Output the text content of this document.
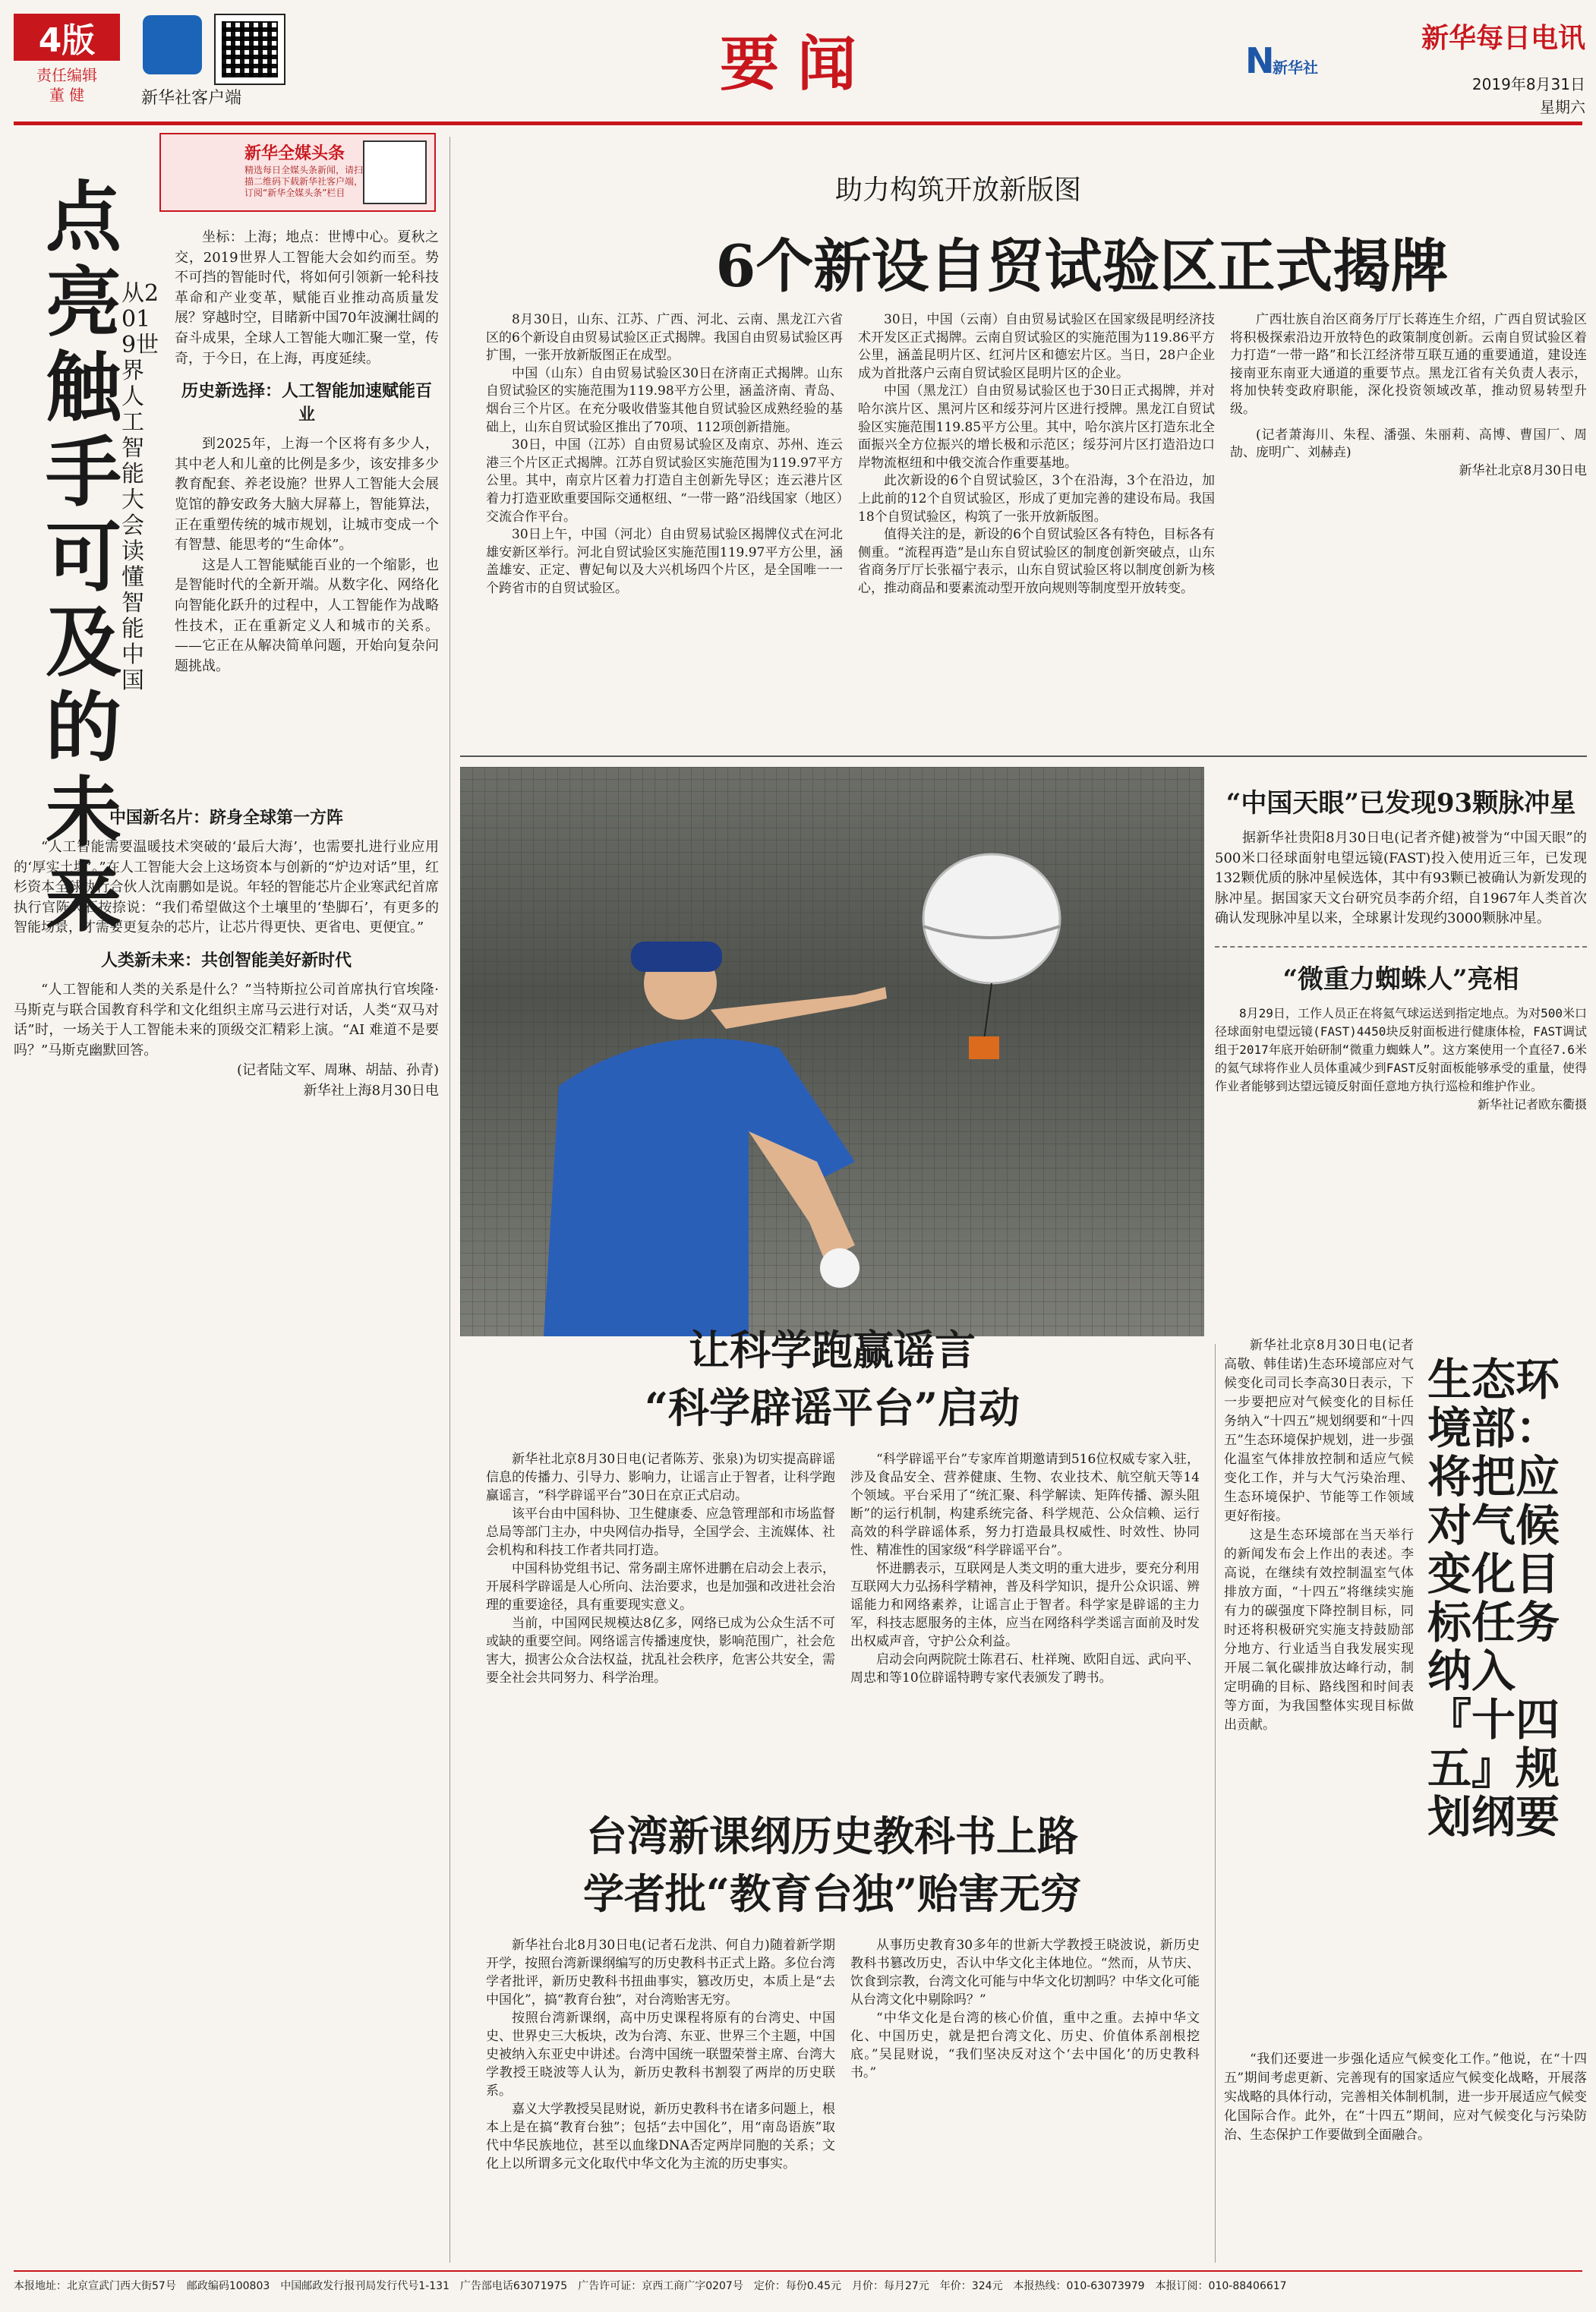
4版
责任编辑
董 健	新华社客户端	要闻	N
新华社
新华每日电讯
2019年8月31日
星期六
新华全媒头条
精选每日全媒头条新闻，请扫描二维码下载新华社客户端，订阅“新华全媒头条”栏目
点亮触手可及的未来
从2019世界人工智能大会读懂智能中国

坐标：上海；地点：世博中心。夏秋之交，2019世界人工智能大会如约而至。势不可挡的智能时代，将如何引领新一轮科技革命和产业变革，赋能百业推动高质量发展？穿越时空，目睹新中国70年波澜壮阔的奋斗成果，全球人工智能大咖汇聚一堂，传奇，于今日，在上海，再度延续。

历史新选择：人工智能加速赋能百业

到2025年，上海一个区将有多少人，其中老人和儿童的比例是多少，该安排多少教育配套、养老设施？世界人工智能大会展览馆的静安政务大脑大屏幕上，智能算法，正在重塑传统的城市规划，让城市变成一个有智慧、能思考的“生命体”。

这是人工智能赋能百业的一个缩影，也是智能时代的全新开端。从数字化、网络化向智能化跃升的过程中，人工智能作为战略性技术，正在重新定义人和城市的关系。——它正在从解决简单问题，开始向复杂问题挑战。

中国新名片：跻身全球第一方阵

“人工智能需要温暖技术突破的‘最后大海’，也需要扎进行业应用的‘厚实土壤’。”在人工智能大会上这场资本与创新的“炉边对话”里，红杉资本全球执行合伙人沈南鹏如是说。年轻的智能芯片企业寒武纪首席执行官陈天石按捺说：“我们希望做这个土壤里的‘垫脚石’，有更多的智能场景，才需要更复杂的芯片，让芯片得更快、更省电、更便宜。”

人类新未来：共创智能美好新时代

“人工智能和人类的关系是什么？”当特斯拉公司首席执行官埃隆·马斯克与联合国教育科学和文化组织主席马云进行对话，人类“双马对话”时，一场关于人工智能未来的顶级交汇精彩上演。“AI 难道不是要吗？”马斯克幽默回答。

(记者陆文军、周琳、胡喆、孙青)

新华社上海8月30日电

助力构筑开放新版图
6个新设自贸试验区正式揭牌

8月30日，山东、江苏、广西、河北、云南、黑龙江六省区的6个新设自由贸易试验区正式揭牌。我国自由贸易试验区再扩围，一张开放新版图正在成型。

中国（山东）自由贸易试验区30日在济南正式揭牌。山东自贸试验区的实施范围为119.98平方公里，涵盖济南、青岛、烟台三个片区。在充分吸收借鉴其他自贸试验区成熟经验的基础上，山东自贸试验区推出了70项、112项创新措施。

30日，中国（江苏）自由贸易试验区及南京、苏州、连云港三个片区正式揭牌。江苏自贸试验区实施范围为119.97平方公里。其中，南京片区着力打造自主创新先导区；连云港片区着力打造亚欧重要国际交通枢纽、“一带一路”沿线国家（地区）交流合作平台。

30日上午，中国（河北）自由贸易试验区揭牌仪式在河北雄安新区举行。河北自贸试验区实施范围119.97平方公里，涵盖雄安、正定、曹妃甸以及大兴机场四个片区，是全国唯一一个跨省市的自贸试验区。

30日，中国（云南）自由贸易试验区在国家级昆明经济技术开发区正式揭牌。云南自贸试验区的实施范围为119.86平方公里，涵盖昆明片区、红河片区和德宏片区。当日，28户企业成为首批落户云南自贸试验区昆明片区的企业。

中国（黑龙江）自由贸易试验区也于30日正式揭牌，并对哈尔滨片区、黑河片区和绥芬河片区进行授牌。黑龙江自贸试验区实施范围119.85平方公里。其中，哈尔滨片区打造东北全面振兴全方位振兴的增长极和示范区；绥芬河片区打造沿边口岸物流枢纽和中俄交流合作重要基地。

此次新设的6个自贸试验区，3个在沿海，3个在沿边，加上此前的12个自贸试验区，形成了更加完善的建设布局。我国18个自贸试验区，构筑了一张开放新版图。

值得关注的是，新设的6个自贸试验区各有特色，目标各有侧重。“流程再造”是山东自贸试验区的制度创新突破点，山东省商务厅厅长张福宁表示，山东自贸试验区将以制度创新为核心，推动商品和要素流动型开放向规则等制度型开放转变。

广西壮族自治区商务厅厅长蒋连生介绍，广西自贸试验区将积极探索沿边开放特色的政策制度创新。云南自贸试验区着力打造“一带一路”和长江经济带互联互通的重要通道，建设连接南亚东南亚大通道的重要节点。黑龙江省有关负责人表示，将加快转变政府职能，深化投资领域改革，推动贸易转型升级。

(记者萧海川、朱程、潘强、朱丽莉、高博、曹国厂、周劼、庞明广、刘赫垚)

新华社北京8月30日电

“中国天眼”已发现93颗脉冲星

据新华社贵阳8月30日电(记者齐健)被誉为“中国天眼”的500米口径球面射电望远镜(FAST)投入使用近三年，已发现132颗优质的脉冲星候选体，其中有93颗已被确认为新发现的脉冲星。据国家天文台研究员李菂介绍，自1967年人类首次确认发现脉冲星以来，全球累计发现约3000颗脉冲星。

“微重力蜘蛛人”亮相

8月29日，工作人员正在将氦气球运送到指定地点。为对500米口径球面射电望远镜(FAST)4450块反射面板进行健康体检，FAST调试组于2017年底开始研制“微重力蜘蛛人”。这方案使用一个直径7.6米的氦气球将作业人员体重减少到FAST反射面板能够承受的重量，使得作业者能够到达望远镜反射面任意地方执行巡检和维护作业。

新华社记者欧东衢摄

让科学跑赢谣言
“科学辟谣平台”启动

新华社北京8月30日电(记者陈芳、张泉)为切实提高辟谣信息的传播力、引导力、影响力，让谣言止于智者，让科学跑赢谣言，“科学辟谣平台”30日在京正式启动。

该平台由中国科协、卫生健康委、应急管理部和市场监督总局等部门主办，中央网信办指导，全国学会、主流媒体、社会机构和科技工作者共同打造。

中国科协党组书记、常务副主席怀进鹏在启动会上表示，开展科学辟谣是人心所向、法治要求，也是加强和改进社会治理的重要途径，具有重要现实意义。

当前，中国网民规模达8亿多，网络已成为公众生活不可或缺的重要空间。网络谣言传播速度快，影响范围广，社会危害大，损害公众合法权益，扰乱社会秩序，危害公共安全，需要全社会共同努力、科学治理。

“科学辟谣平台”专家库首期邀请到516位权威专家入驻，涉及食品安全、营养健康、生物、农业技术、航空航天等14个领域。平台采用了“统汇聚、科学解读、矩阵传播、源头阻断”的运行机制，构建系统完备、科学规范、公众信赖、运行高效的科学辟谣体系，努力打造最具权威性、时效性、协同性、精准性的国家级“科学辟谣平台”。

怀进鹏表示，互联网是人类文明的重大进步，要充分利用互联网大力弘扬科学精神，普及科学知识，提升公众识谣、辨谣能力和网络素养，让谣言止于智者。科学家是辟谣的主力军，科技志愿服务的主体，应当在网络科学类谣言面前及时发出权威声音，守护公众利益。

启动会向两院院士陈君石、杜祥琬、欧阳自远、武向平、周忠和等10位辟谣特聘专家代表颁发了聘书。

生态环境部：将把应对气候变化目标任务纳入『十四五』规划纲要

新华社北京8月30日电(记者高敬、韩佳诺)生态环境部应对气候变化司司长李高30日表示，下一步要把应对气候变化的目标任务纳入“十四五”规划纲要和“十四五”生态环境保护规划，进一步强化温室气体排放控制和适应气候变化工作，并与大气污染治理、生态环境保护、节能等工作领域更好衔接。

这是生态环境部在当天举行的新闻发布会上作出的表述。李高说，在继续有效控制温室气体排放方面，“十四五”将继续实施有力的碳强度下降控制目标，同时还将积极研究实施支持鼓励部分地方、行业适当自我发展实现开展二氧化碳排放达峰行动，制定明确的目标、路线图和时间表等方面，为我国整体实现目标做出贡献。

“我们还要进一步强化适应气候变化工作。”他说，在“十四五”期间考虑更新、完善现有的国家适应气候变化战略，开展落实战略的具体行动，完善相关体制机制，进一步开展适应气候变化国际合作。此外，在“十四五”期间，应对气候变化与污染防治、生态保护工作要做到全面融合。

台湾新课纲历史教科书上路
学者批“教育台独”贻害无穷

新华社台北8月30日电(记者石龙洪、何自力)随着新学期开学，按照台湾新课纲编写的历史教科书正式上路。多位台湾学者批评，新历史教科书扭曲事实，篡改历史，本质上是“去中国化”，搞“教育台独”，对台湾贻害无穷。

按照台湾新课纲，高中历史课程将原有的台湾史、中国史、世界史三大板块，改为台湾、东亚、世界三个主题，中国史被纳入东亚史中讲述。台湾中国统一联盟荣誉主席、台湾大学教授王晓波等人认为，新历史教科书割裂了两岸的历史联系。

嘉义大学教授吴昆财说，新历史教科书在诸多问题上，根本上是在搞“教育台独”；包括“去中国化”，用“南岛语族”取代中华民族地位，甚至以血缘DNA否定两岸同胞的关系；文化上以所谓多元文化取代中华文化为主流的历史事实。

从事历史教育30多年的世新大学教授王晓波说，新历史教科书篡改历史，否认中华文化主体地位。“然而，从节庆、饮食到宗教，台湾文化可能与中华文化切割吗？中华文化可能从台湾文化中剔除吗？”

“中华文化是台湾的核心价值，重中之重。去掉中华文化、中国历史，就是把台湾文化、历史、价值体系剖根挖底。”吴昆财说，“我们坚决反对这个‘去中国化’的历史教科书。”

本报地址：北京宣武门西大街57号　邮政编码100803　中国邮政发行报刊局发行代号1-131　广告部电话63071975　广告许可证：京西工商广字0207号　定价：每份0.45元　月价：每月27元　年价：324元　本报热线：010-63073979　本报订阅：010-88406617
